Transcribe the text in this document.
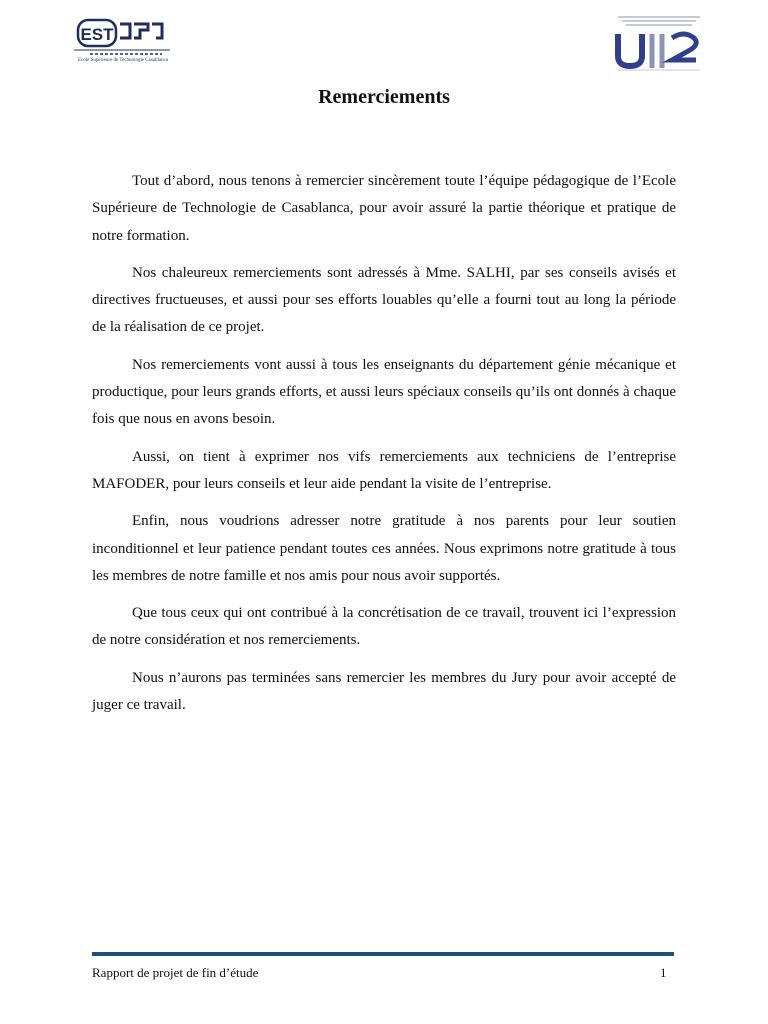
EST
Ecole Supérieure de Technologie Casablanca
Remerciements

Tout d’abord, nous tenons à remercier sincèrement toute l’équipe pédagogique de l’Ecole Supérieure de Technologie de Casablanca, pour avoir assuré la partie théorique et pratique de notre formation.

Nos chaleureux remerciements sont adressés à Mme. SALHI, par ses conseils avisés et directives fructueuses, et aussi pour ses efforts louables qu’elle a fourni tout au long la période de la réalisation de ce projet.

Nos remerciements vont aussi à tous les enseignants du département génie mécanique et productique, pour leurs grands efforts, et aussi leurs spéciaux conseils qu’ils ont donnés à chaque fois que nous en avons besoin.

Aussi, on tient à exprimer nos vifs remerciements aux techniciens de l’entreprise MAFODER, pour leurs conseils et leur aide pendant la visite de l’entreprise.

Enfin, nous voudrions adresser notre gratitude à nos parents pour leur soutien inconditionnel et leur patience pendant toutes ces années. Nous exprimons notre gratitude à tous les membres de notre famille et nos amis pour nous avoir supportés.

Que tous ceux qui ont contribué à la concrétisation de ce travail, trouvent ici l’expression de notre considération et nos remerciements.

Nous n’aurons pas terminées sans remercier les membres du Jury pour avoir accepté de juger ce travail.

Rapport de projet de fin d’étude	1
